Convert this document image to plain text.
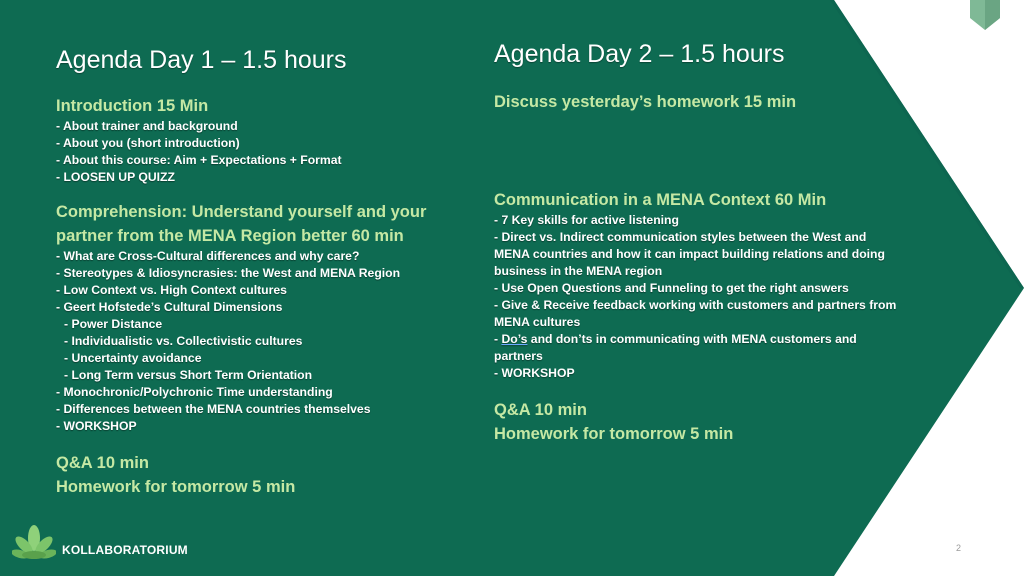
Agenda Day 1 – 1.5 hours
Introduction 15 Min
- About trainer and background
- About you (short introduction)
- About this course: Aim + Expectations + Format
- LOOSEN UP QUIZZ
Comprehension: Understand yourself and your
partner from the MENA Region better 60 min
- What are Cross-Cultural differences and why care?
- Stereotypes & Idiosyncrasies: the West and MENA Region
- Low Context vs. High Context cultures
- Geert Hofstede’s Cultural Dimensions
- Power Distance
- Individualistic vs. Collectivistic cultures
- Uncertainty avoidance
- Long Term versus Short Term Orientation
- Monochronic/Polychronic Time understanding
- Differences between the MENA countries themselves
- WORKSHOP
Q&A 10 min
Homework for tomorrow 5 min
Agenda Day 2 – 1.5 hours
Discuss yesterday’s homework 15 min
Communication in a MENA Context 60 Min
- 7 Key skills for active listening
- Direct vs. Indirect communication styles between the West and
MENA countries and how it can impact building relations and doing
business in the MENA region
- Use Open Questions and Funneling to get the right answers
- Give & Receive feedback working with customers and partners from
MENA cultures
- Do’s and don’ts in communicating with MENA customers and
partners
- WORKSHOP
Q&A 10 min
Homework for tomorrow 5 min
KOLLABORATORIUM	2
